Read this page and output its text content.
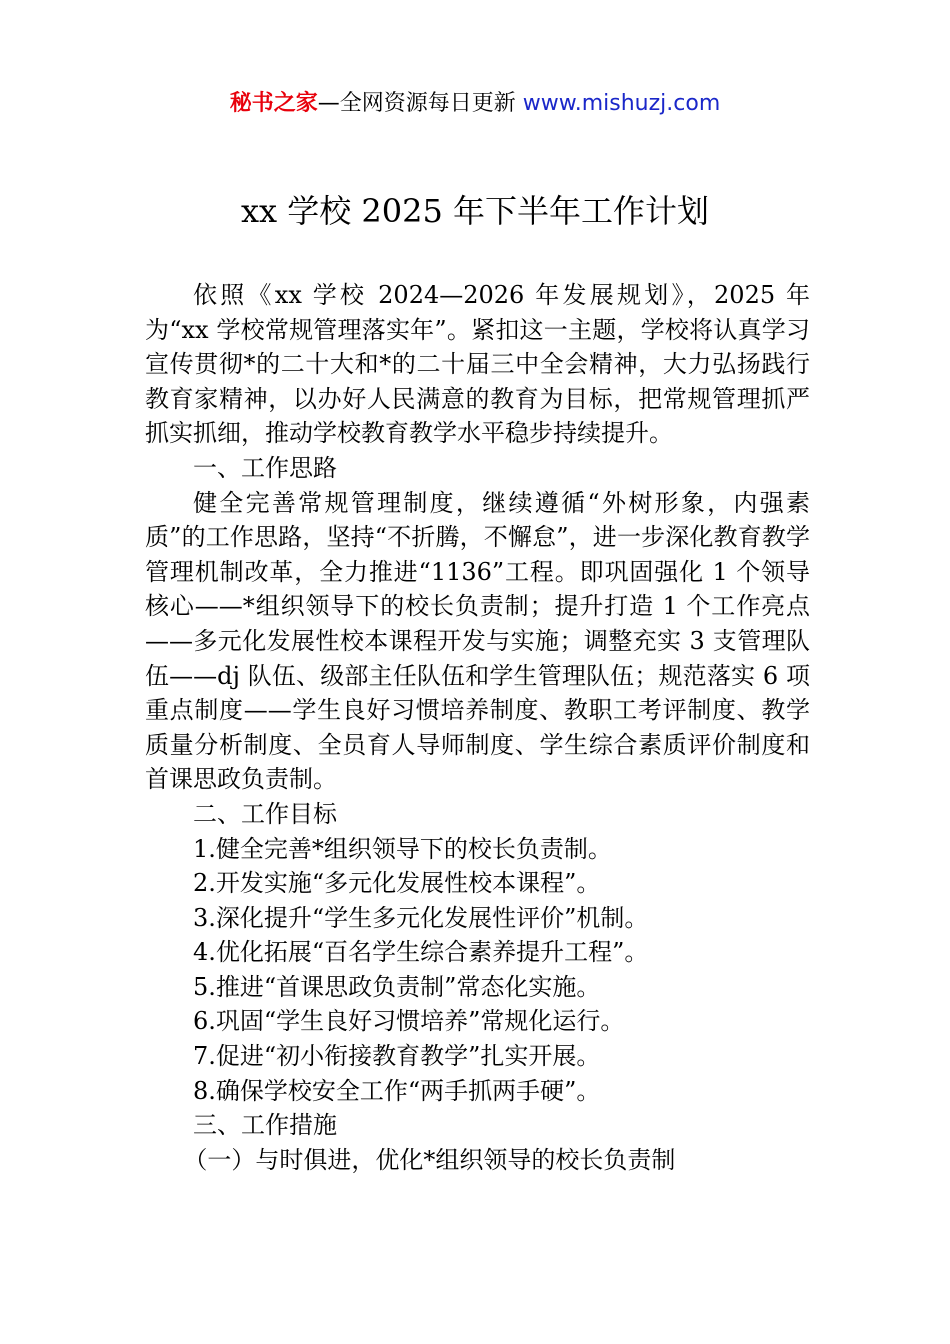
秘书之家—全网资源每日更新 www.mishuzj.com
xx 学校 2025 年下半年工作计划

依照《xx 学校 2024—2026 年发展规划》，2025 年为“xx 学校常规管理落实年”。紧扣这一主题，学校将认真学习宣传贯彻*的二十大和*的二十届三中全会精神，大力弘扬践行教育家精神，以办好人民满意的教育为目标，把常规管理抓严抓实抓细，推动学校教育教学水平稳步持续提升。

一、工作思路

健全完善常规管理制度，继续遵循“外树形象，内强素质”的工作思路，坚持“不折腾，不懈怠”，进一步深化教育教学管理机制改革，全力推进“1136”工程。即巩固强化 1 个领导核心——*组织领导下的校长负责制；提升打造 1 个工作亮点——多元化发展性校本课程开发与实施；调整充实 3 支管理队伍——dj 队伍、级部主任队伍和学生管理队伍；规范落实 6 项重点制度——学生良好习惯培养制度、教职工考评制度、教学质量分析制度、全员育人导师制度、学生综合素质评价制度和首课思政负责制。

二、工作目标

1.健全完善*组织领导下的校长负责制。

2.开发实施“多元化发展性校本课程”。

3.深化提升“学生多元化发展性评价”机制。

4.优化拓展“百名学生综合素养提升工程”。

5.推进“首课思政负责制”常态化实施。

6.巩固“学生良好习惯培养”常规化运行。

7.促进“初小衔接教育教学”扎实开展。

8.确保学校安全工作“两手抓两手硬”。

三、工作措施

（一）与时俱进，优化*组织领导的校长负责制
